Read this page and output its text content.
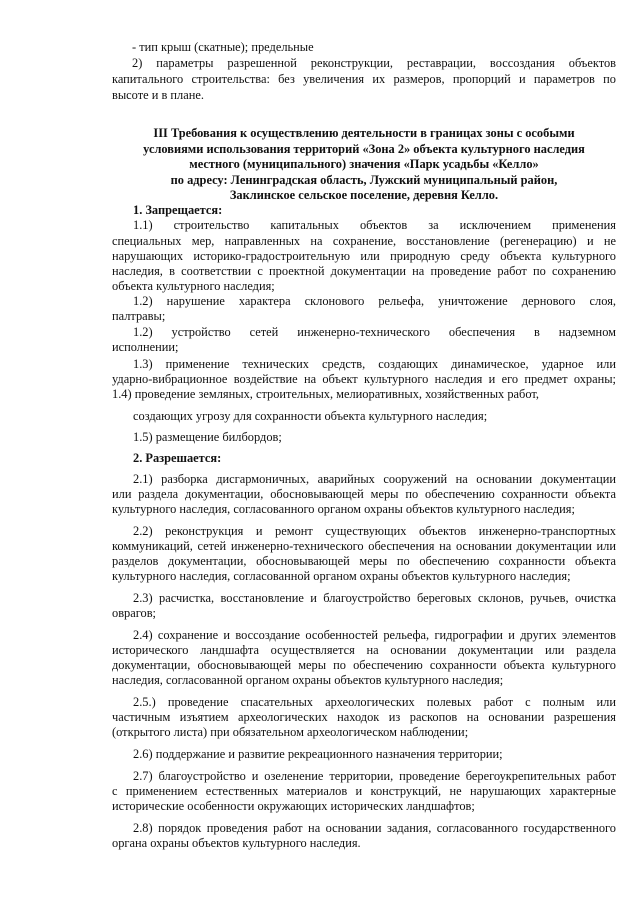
- тип крыш (скатные); предельные
2) параметры разрешенной реконструкции, реставрации, воссоздания объектов
капитального строительства: без увеличения их размеров, пропорций и параметров по
высоте и в плане.
III Требования к осуществлению деятельности в границах зоны с особыми
условиями использования территорий «Зона 2» объекта культурного наследия
местного (муниципального) значения «Парк усадьбы «Келло»
по адресу: Ленинградская область, Лужский муниципальный район,
Заклинское сельское поселение, деревня Келло.
1. Запрещается:
1.1) строительство капитальных объектов за исключением применения
специальных мер, направленных на сохранение, восстановление (регенерацию) и не
нарушающих историко-градостроительную или природную среду объекта культурного
наследия, в соответствии с проектной документации на проведение работ по сохранению
объекта культурного наследия;
1.2) нарушение характера склонового рельефа, уничтожение дернового слоя,
палтравы;
1.2) устройство сетей инженерно-технического обеспечения в надземном
исполнении;
1.3) применение технических средств, создающих динамическое, ударное или
ударно-вибрационное воздействие на объект культурного наследия и его предмет охраны;
1.4) проведение земляных, строительных, мелиоративных, хозяйственных работ,
создающих угрозу для сохранности объекта культурного наследия;
1.5) размещение билбордов;
2. Разрешается:
2.1) разборка дисгармоничных, аварийных сооружений на основании документации
или раздела документации, обосновывающей меры по обеспечению сохранности объекта
культурного наследия, согласованного органом охраны объектов культурного наследия;
2.2) реконструкция и ремонт существующих объектов инженерно-транспортных
коммуникаций, сетей инженерно-технического обеспечения на основании документации или
разделов документации, обосновывающей меры по обеспечению сохранности объекта
культурного наследия, согласованной органом охраны объектов культурного наследия;
2.3) расчистка, восстановление и благоустройство береговых склонов, ручьев, очистка
оврагов;
2.4) сохранение и воссоздание особенностей рельефа, гидрографии и других элементов
исторического ландшафта осуществляется на основании документации или раздела
документации, обосновывающей меры по обеспечению сохранности объекта культурного
наследия, согласованной органом охраны объектов культурного наследия;
2.5.) проведение спасательных археологических полевых работ с полным или
частичным изъятием археологических находок из раскопов на основании разрешения
(открытого листа) при обязательном археологическом наблюдении;
2.6) поддержание и развитие рекреационного назначения территории;
2.7) благоустройство и озеленение территории, проведение берегоукрепительных работ
с применением естественных материалов и конструкций, не нарушающих характерные
исторические особенности окружающих исторических ландшафтов;
2.8) порядок проведения работ на основании задания, согласованного государственного
органа охраны объектов культурного наследия.
